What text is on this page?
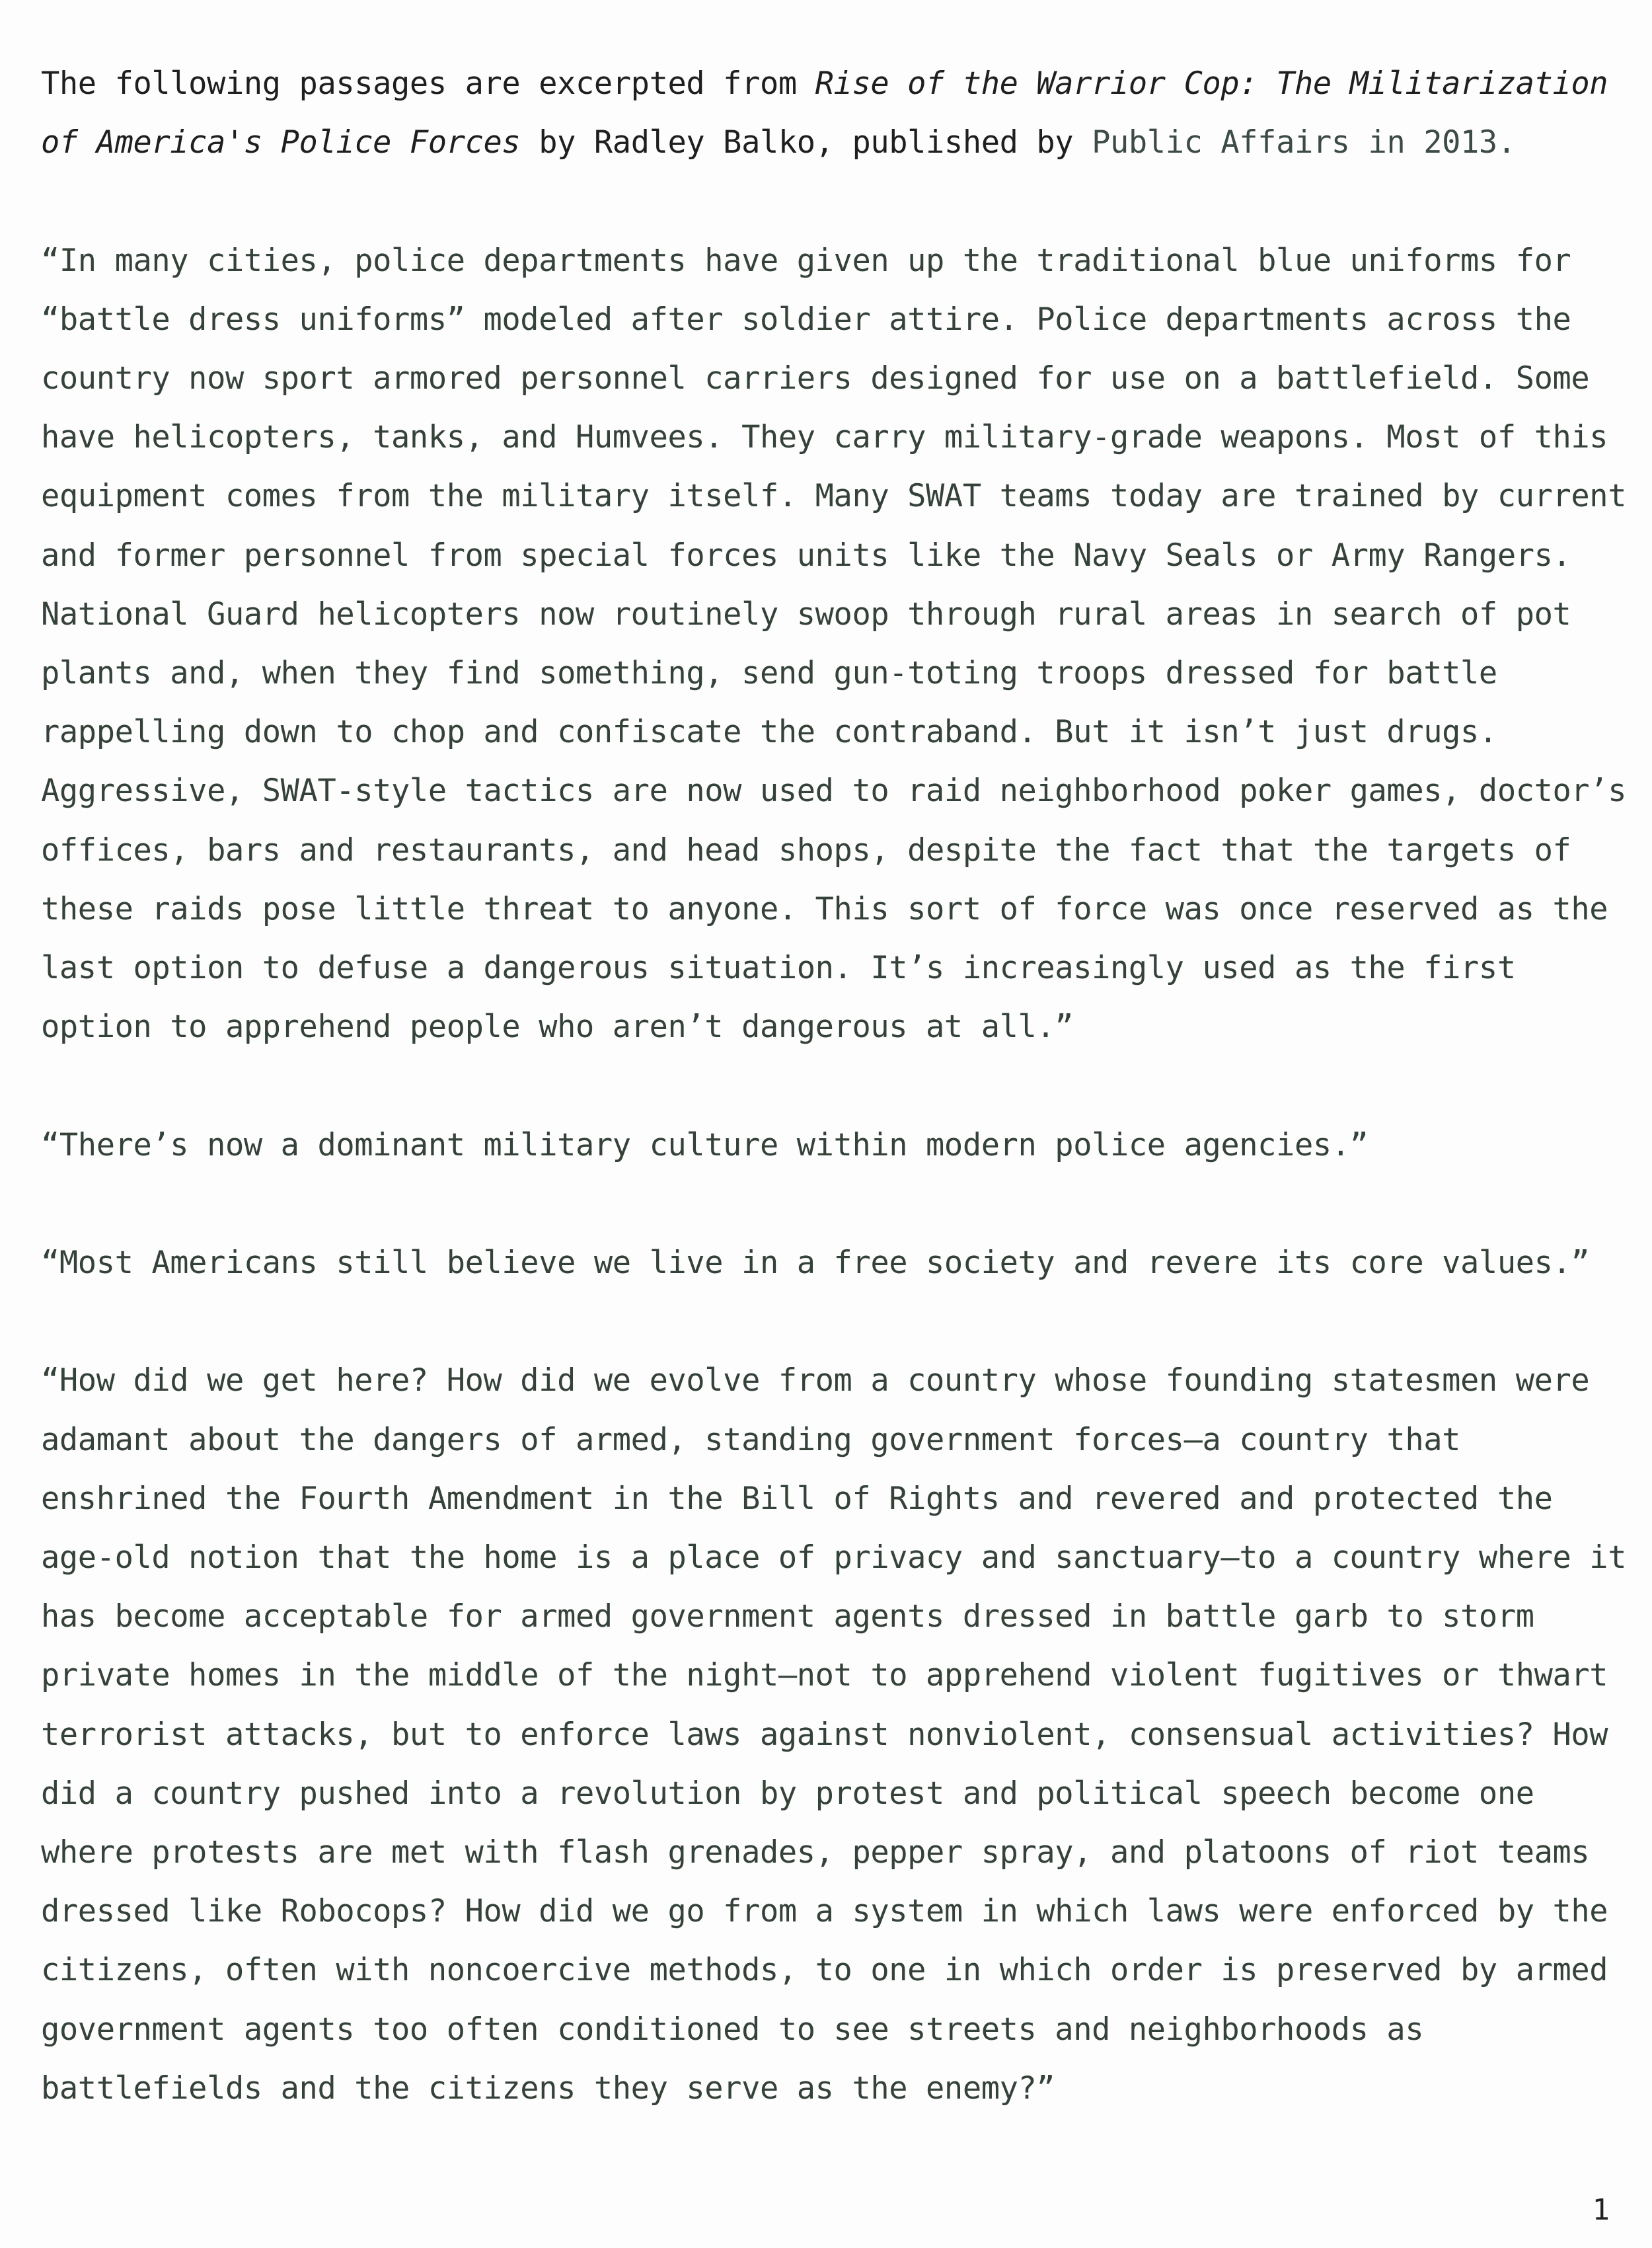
The following passages are excerpted from Rise of the Warrior Cop: The Militarization of America's Police Forces by Radley Balko, published by Public Affairs in 2013.

“In many cities, police departments have given up the traditional blue uniforms for “battle dress uniforms” modeled after soldier attire. Police departments across the country now sport armored personnel carriers designed for use on a battlefield. Some have helicopters, tanks, and Humvees. They carry military-grade weapons. Most of this equipment comes from the military itself. Many SWAT teams today are trained by current and former personnel from special forces units like the Navy Seals or Army Rangers. National Guard helicopters now routinely swoop through rural areas in search of pot plants and, when they find something, send gun-toting troops dressed for battle rappelling down to chop and confiscate the contraband. But it isn’t just drugs. Aggressive, SWAT-style tactics are now used to raid neighborhood poker games, doctor’s offices, bars and restaurants, and head shops, despite the fact that the targets of these raids pose little threat to anyone. This sort of force was once reserved as the last option to defuse a dangerous situation. It’s increasingly used as the first option to apprehend people who aren’t dangerous at all.”

“There’s now a dominant military culture within modern police agencies.”

“Most Americans still believe we live in a free society and revere its core values.”

“How did we get here? How did we evolve from a country whose founding statesmen were adamant about the dangers of armed, standing government forces—a country that enshrined the Fourth Amendment in the Bill of Rights and revered and protected the age-old notion that the home is a place of privacy and sanctuary—to a country where it has become acceptable for armed government agents dressed in battle garb to storm private homes in the middle of the night—not to apprehend violent fugitives or thwart terrorist attacks, but to enforce laws against nonviolent, consensual activities? How did a country pushed into a revolution by protest and political speech become one where protests are met with flash grenades, pepper spray, and platoons of riot teams dressed like Robocops? How did we go from a system in which laws were enforced by the citizens, often with noncoercive methods, to one in which order is preserved by armed government agents too often conditioned to see streets and neighborhoods as battlefields and the citizens they serve as the enemy?”

1
